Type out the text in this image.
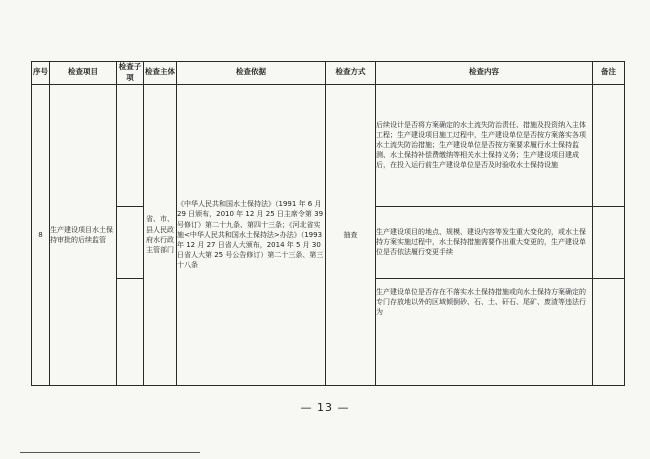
序号	检查项目	检查子项	检查主体	检查依据	检查方式	检查内容	备注
8	生产建设项目水土保持审批的后续监管		省、市、县人民政府水行政主管部门	《中华人民共和国水土保持法》（1991 年 6 月 29 日颁布，2010 年 12 月 25 日主席令第 39 号修订）第二十九条、第四十三条；《河北省实施<中华人民共和国水土保持法>办法》（1993 年 12 月 27 日省人大颁布，2014 年 5 月 30 日省人大第 25 号公告修订）第二十三条、第三十八条	抽查	后续设计是否将方案确定的水土流失防治责任、措施及投资纳入主体工程；生产建设项目施工过程中，生产建设单位是否按方案落实各项水土流失防治措施；生产建设单位是否按方案要求履行水土保持监测、水土保持补偿费缴纳等相关水土保持义务；生产建设项目建成后，在投入运行前生产建设单位是否及时验收水土保持设施	
						生产建设项目的地点、规模、建设内容等发生重大变化的，或水土保持方案实施过程中，水土保持措施需要作出重大变更的，生产建设单位是否依法履行变更手续	
						生产建设单位是否存在不落实水土保持措施或向水土保持方案确定的专门存放地以外的区域倾倒砂、石、土、矸石、尾矿、废渣等违法行为	
— 13 —
